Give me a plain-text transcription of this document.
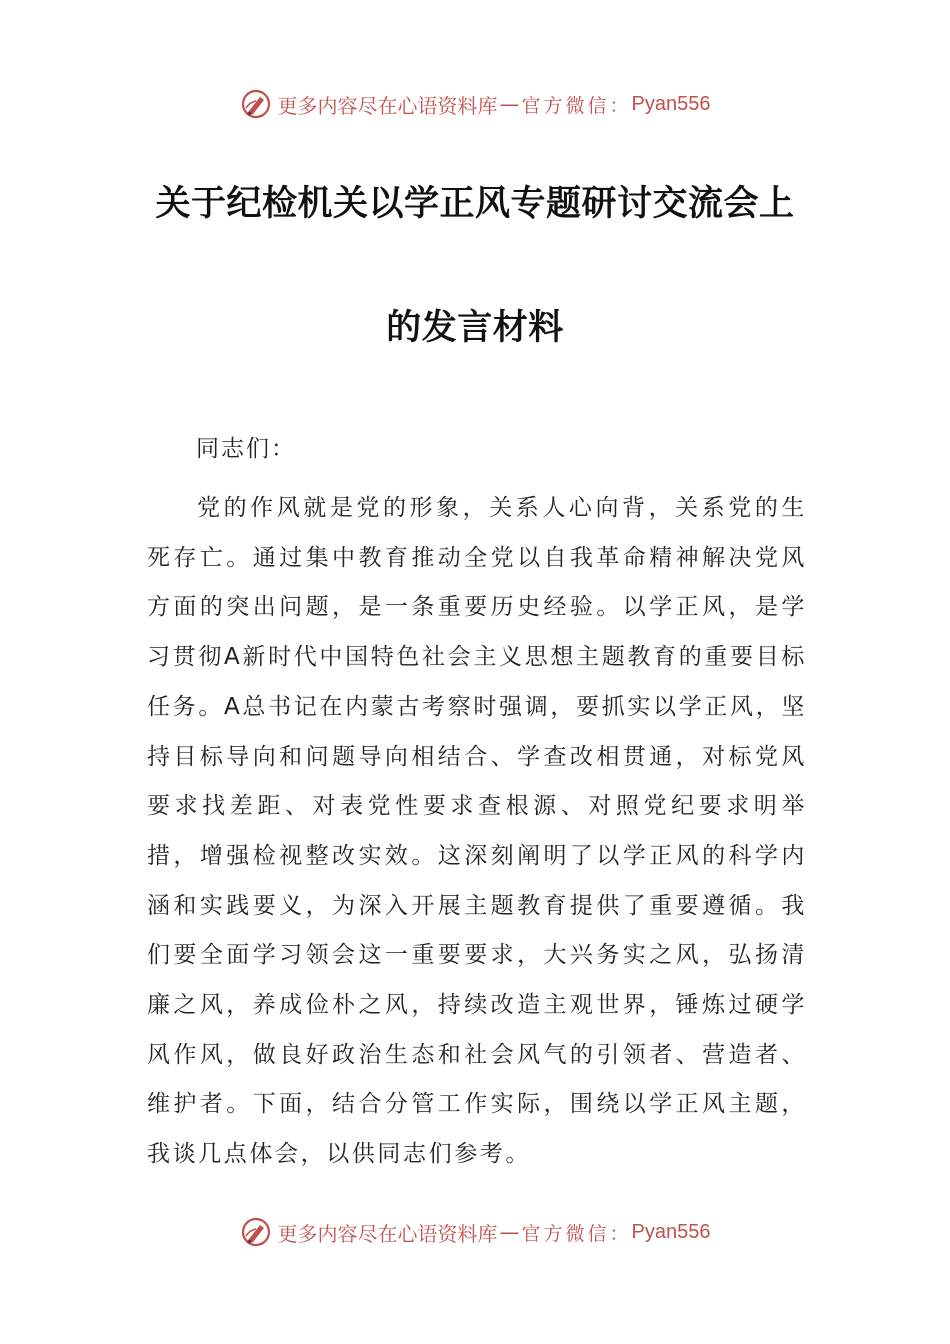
更多内容尽在心语资料库 — 官方微信： Pyan556
关于纪检机关以学正风专题研讨交流会上
的发言材料
同志们：

党的作风就是党的形象，关系人心向背，关系党的生死存亡。通过集中教育推动全党以自我革命精神解决党风方面的突出问题，是一条重要历史经验。以学正风，是学习贯彻A新时代中国特色社会主义思想主题教育的重要目标任务。A总书记在内蒙古考察时强调，要抓实以学正风，坚持目标导向和问题导向相结合、学查改相贯通，对标党风要求找差距、对表党性要求查根源、对照党纪要求明举措，增强检视整改实效。这深刻阐明了以学正风的科学内涵和实践要义，为深入开展主题教育提供了重要遵循。我们要全面学习领会这一重要要求，大兴务实之风，弘扬清廉之风，养成俭朴之风，持续改造主观世界，锤炼过硬学风作风，做良好政治生态和社会风气的引领者、营造者、维护者。下面，结合分管工作实际，围绕以学正风主题，我谈几点体会，以供同志们参考。

更多内容尽在心语资料库 — 官方微信： Pyan556
